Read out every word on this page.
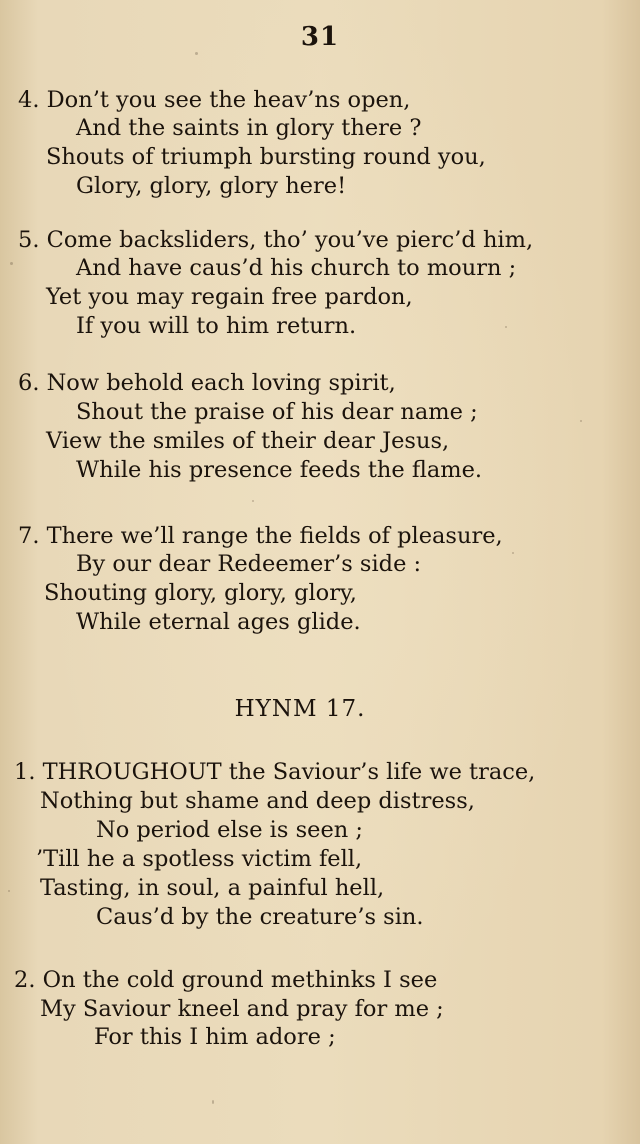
31
4. Don’t you see the heav’ns open,
And the saints in glory there ?
Shouts of triumph bursting round you,
Glory, glory, glory here!
5. Come backsliders, tho’ you’ve pierc’d him,
And have caus’d his church to mourn ;
Yet you may regain free pardon,
If you will to him return.
6. Now behold each loving spirit,
Shout the praise of his dear name ;
View the smiles of their dear Jesus,
While his presence feeds the flame.
7. There we’ll range the fields of pleasure,
By our dear Redeemer’s side :
Shouting glory, glory, glory,
While eternal ages glide.
HYNM 17.
1. THROUGHOUT the Saviour’s life we trace,
Nothing but shame and deep distress,
No period else is seen ;
’Till he a spotless victim fell,
Tasting, in soul, a painful hell,
Caus’d by the creature’s sin.
2. On the cold ground methinks I see
My Saviour kneel and pray for me ;
For this I him adore ;
